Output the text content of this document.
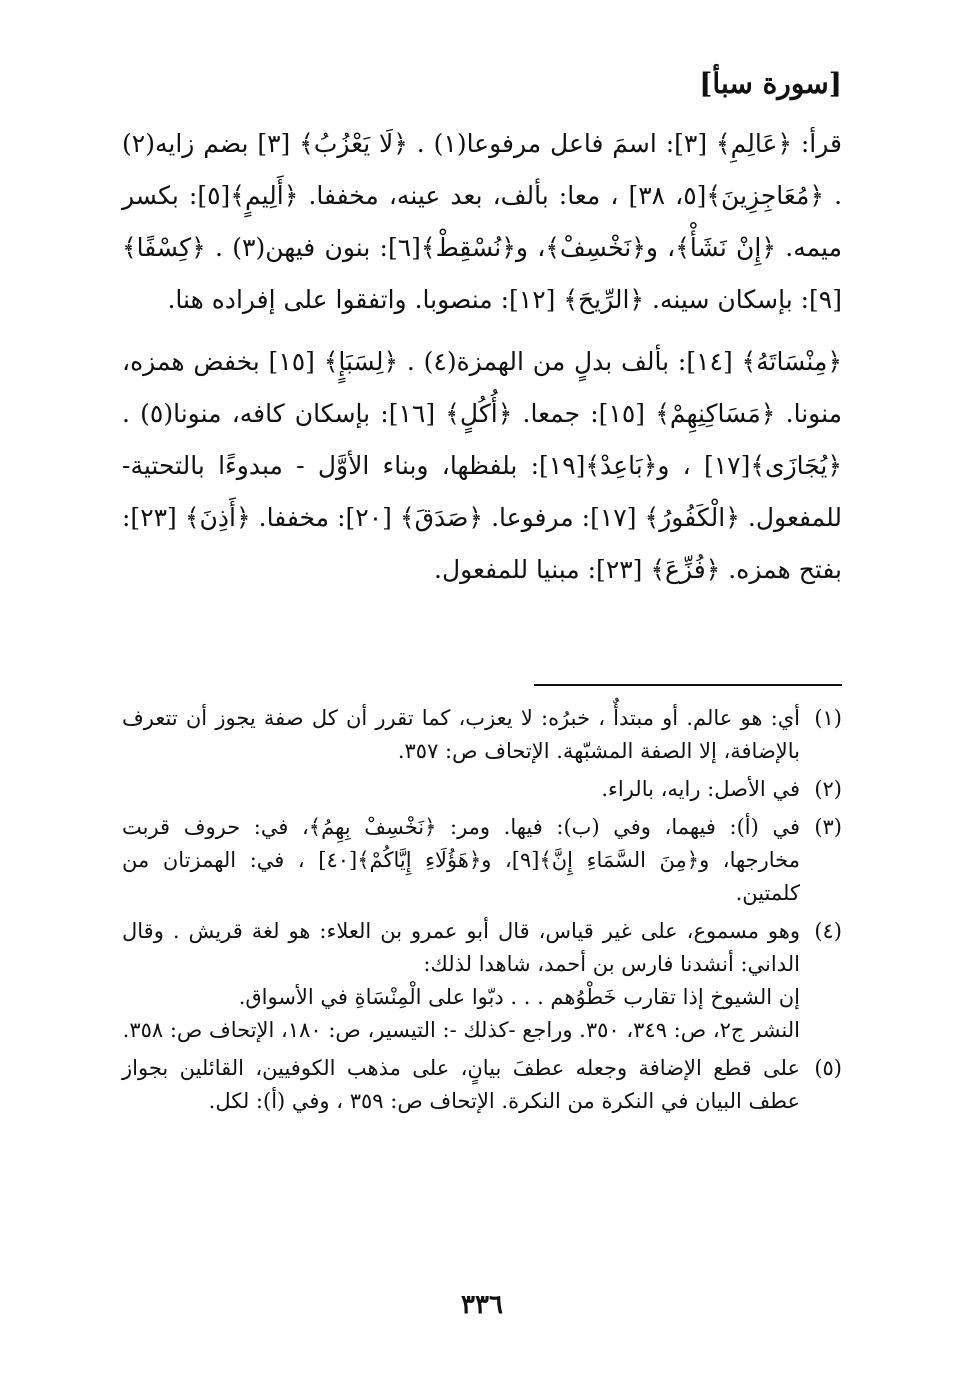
[سورة سبأ]

قرأ: ﴿عَالِمِ﴾ [٣]: اسمَ فاعل مرفوعا(١) . ﴿لَا يَعْزُبُ﴾ [٣] بضم زايه(٢) . ﴿مُعَاجِزِينَ﴾[٥، ٣٨] ، معا: بألف، بعد عينه، مخففا. ﴿أَلِيمٍ﴾[٥]: بكسر ميمه. ﴿إِنْ نَشَأْ﴾، و﴿نَخْسِفْ﴾، و﴿نُسْقِطْ﴾[٦]: بنون فيهن(٣) . ﴿كِسْفًا﴾ [٩]: بإسكان سينه. ﴿الرِّيحَ﴾ [١٢]: منصوبا. واتفقوا على إفراده هنا.

﴿مِنْسَاتَهُ﴾ [١٤]: بألف بدلٍ من الهمزة(٤) . ﴿لِسَبَإٍ﴾ [١٥] بخفض همزه، منونا. ﴿مَسَاكِنِهِمْ﴾ [١٥]: جمعا. ﴿أُكُلٍ﴾ [١٦]: بإسكان كافه، منونا(٥) . ﴿يُجَازَى﴾[١٧] ، و﴿بَاعِدْ﴾[١٩]: بلفظها، وبناء الأوَّل - مبدوءًا بالتحتية- للمفعول. ﴿الْكَفُورُ﴾ [١٧]: مرفوعا. ﴿صَدَقَ﴾ [٢٠]: مخففا. ﴿أَذِنَ﴾ [٢٣]: بفتح همزه. ﴿فُزِّعَ﴾ [٢٣]: مبنيا للمفعول.

(١)

أي: هو عالم. أو مبتدأٌ ، خبرُه: لا يعزب، كما تقرر أن كل صفة يجوز أن تتعرف بالإضافة، إلا الصفة المشبّهة. الإتحاف ص: ٣٥٧.

(٢)

في الأصل: رايه، بالراء.

(٣)

في (أ): فيهما، وفي (ب): فيها. ومر: ﴿نَخْسِفْ بِهِمُ﴾، في: حروف قربت مخارجها، و﴿مِنَ السَّمَاءِ إِنَّ﴾[٩]، و﴿هَؤُلَاءِ إِيَّاكُمْ﴾[٤٠] ، في: الهمزتان من كلمتين.

(٤)

وهو مسموع، على غير قياس، قال أبو عمرو بن العلاء: هو لغة قريش . وقال الداني: أنشدنا فارس بن أحمد، شاهدا لذلك:

إن الشيوخ إذا تقارب خَطْوُهم . . . دبّوا على الْمِنْسَاةِ في الأسواق.

النشر ج٢، ص: ٣٤٩، ٣٥٠. وراجع -كذلك -: التيسير، ص: ١٨٠، الإتحاف ص: ٣٥٨.

(٥)

على قطع الإضافة وجعله عطفَ بيانٍ، على مذهب الكوفيين، القائلين بجواز عطف البيان في النكرة من النكرة. الإتحاف ص: ٣٥٩ ، وفي (أ): لكل.

٣٣٦
